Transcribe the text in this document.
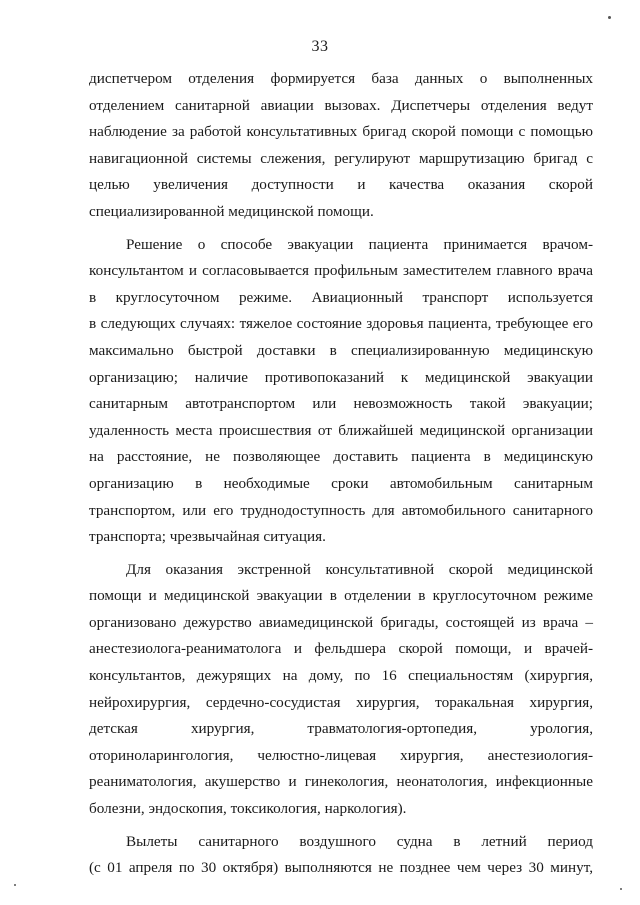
33
диспетчером отделения формируется база данных о выполненных
отделением санитарной авиации вызовах. Диспетчеры отделения ведут
наблюдение за работой консультативных бригад скорой помощи с помощью
навигационной системы слежения, регулируют маршрутизацию бригад с
целью увеличения доступности и качества оказания скорой
специализированной медицинской помощи.
Решение о способе эвакуации пациента принимается врачом-
консультантом и согласовывается профильным заместителем главного врача
в круглосуточном режиме. Авиационный транспорт используется
в следующих случаях: тяжелое состояние здоровья пациента, требующее его
максимально быстрой доставки в специализированную медицинскую
организацию; наличие противопоказаний к медицинской эвакуации
санитарным автотранспортом или невозможность такой эвакуации;
удаленность места происшествия от ближайшей медицинской организации
на расстояние, не позволяющее доставить пациента в медицинскую
организацию в необходимые сроки автомобильным санитарным
транспортом, или его труднодоступность для автомобильного санитарного
транспорта; чрезвычайная ситуация.
Для оказания экстренной консультативной скорой медицинской
помощи и медицинской эвакуации в отделении в круглосуточном режиме
организовано дежурство авиамедицинской бригады, состоящей из врача –
анестезиолога-реаниматолога и фельдшера скорой помощи, и врачей-
консультантов, дежурящих на дому, по 16 специальностям (хирургия,
нейрохирургия, сердечно-сосудистая хирургия, торакальная хирургия,
детская хирургия, травматология-ортопедия, урология,
оториноларингология, челюстно-лицевая хирургия, анестезиология-
реаниматология, акушерство и гинекология, неонатология, инфекционные
болезни, эндоскопия, токсикология, наркология).
Вылеты санитарного воздушного судна в летний период
(с 01 апреля по 30 октября) выполняются не позднее чем через 30 минут,
